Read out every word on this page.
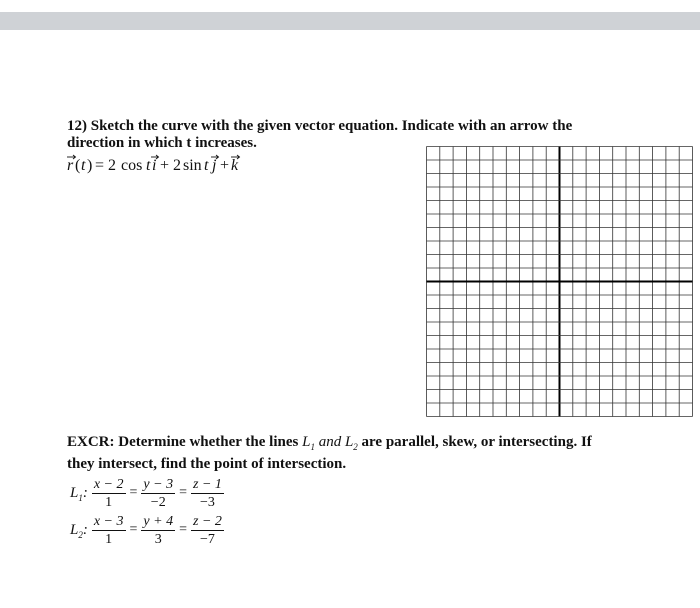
12) Sketch the curve with the given vector equation. Indicate with an arrow the
direction in which t increases.
r ( t ) = 2 cos t i + 2 sin t j + k
EXCR: Determine whether the lines $L_1$ and $L_2$ are parallel, skew, or intersecting. If
they intersect, find the point of intersection.
$L_1$: $\frac{x - 2}{1} = \frac{y - 3}{-2} = \frac{z - 1}{-3}$
$L_2$: $\frac{x - 3}{1} = \frac{y + 4}{3} = \frac{z - 2}{-7}$
